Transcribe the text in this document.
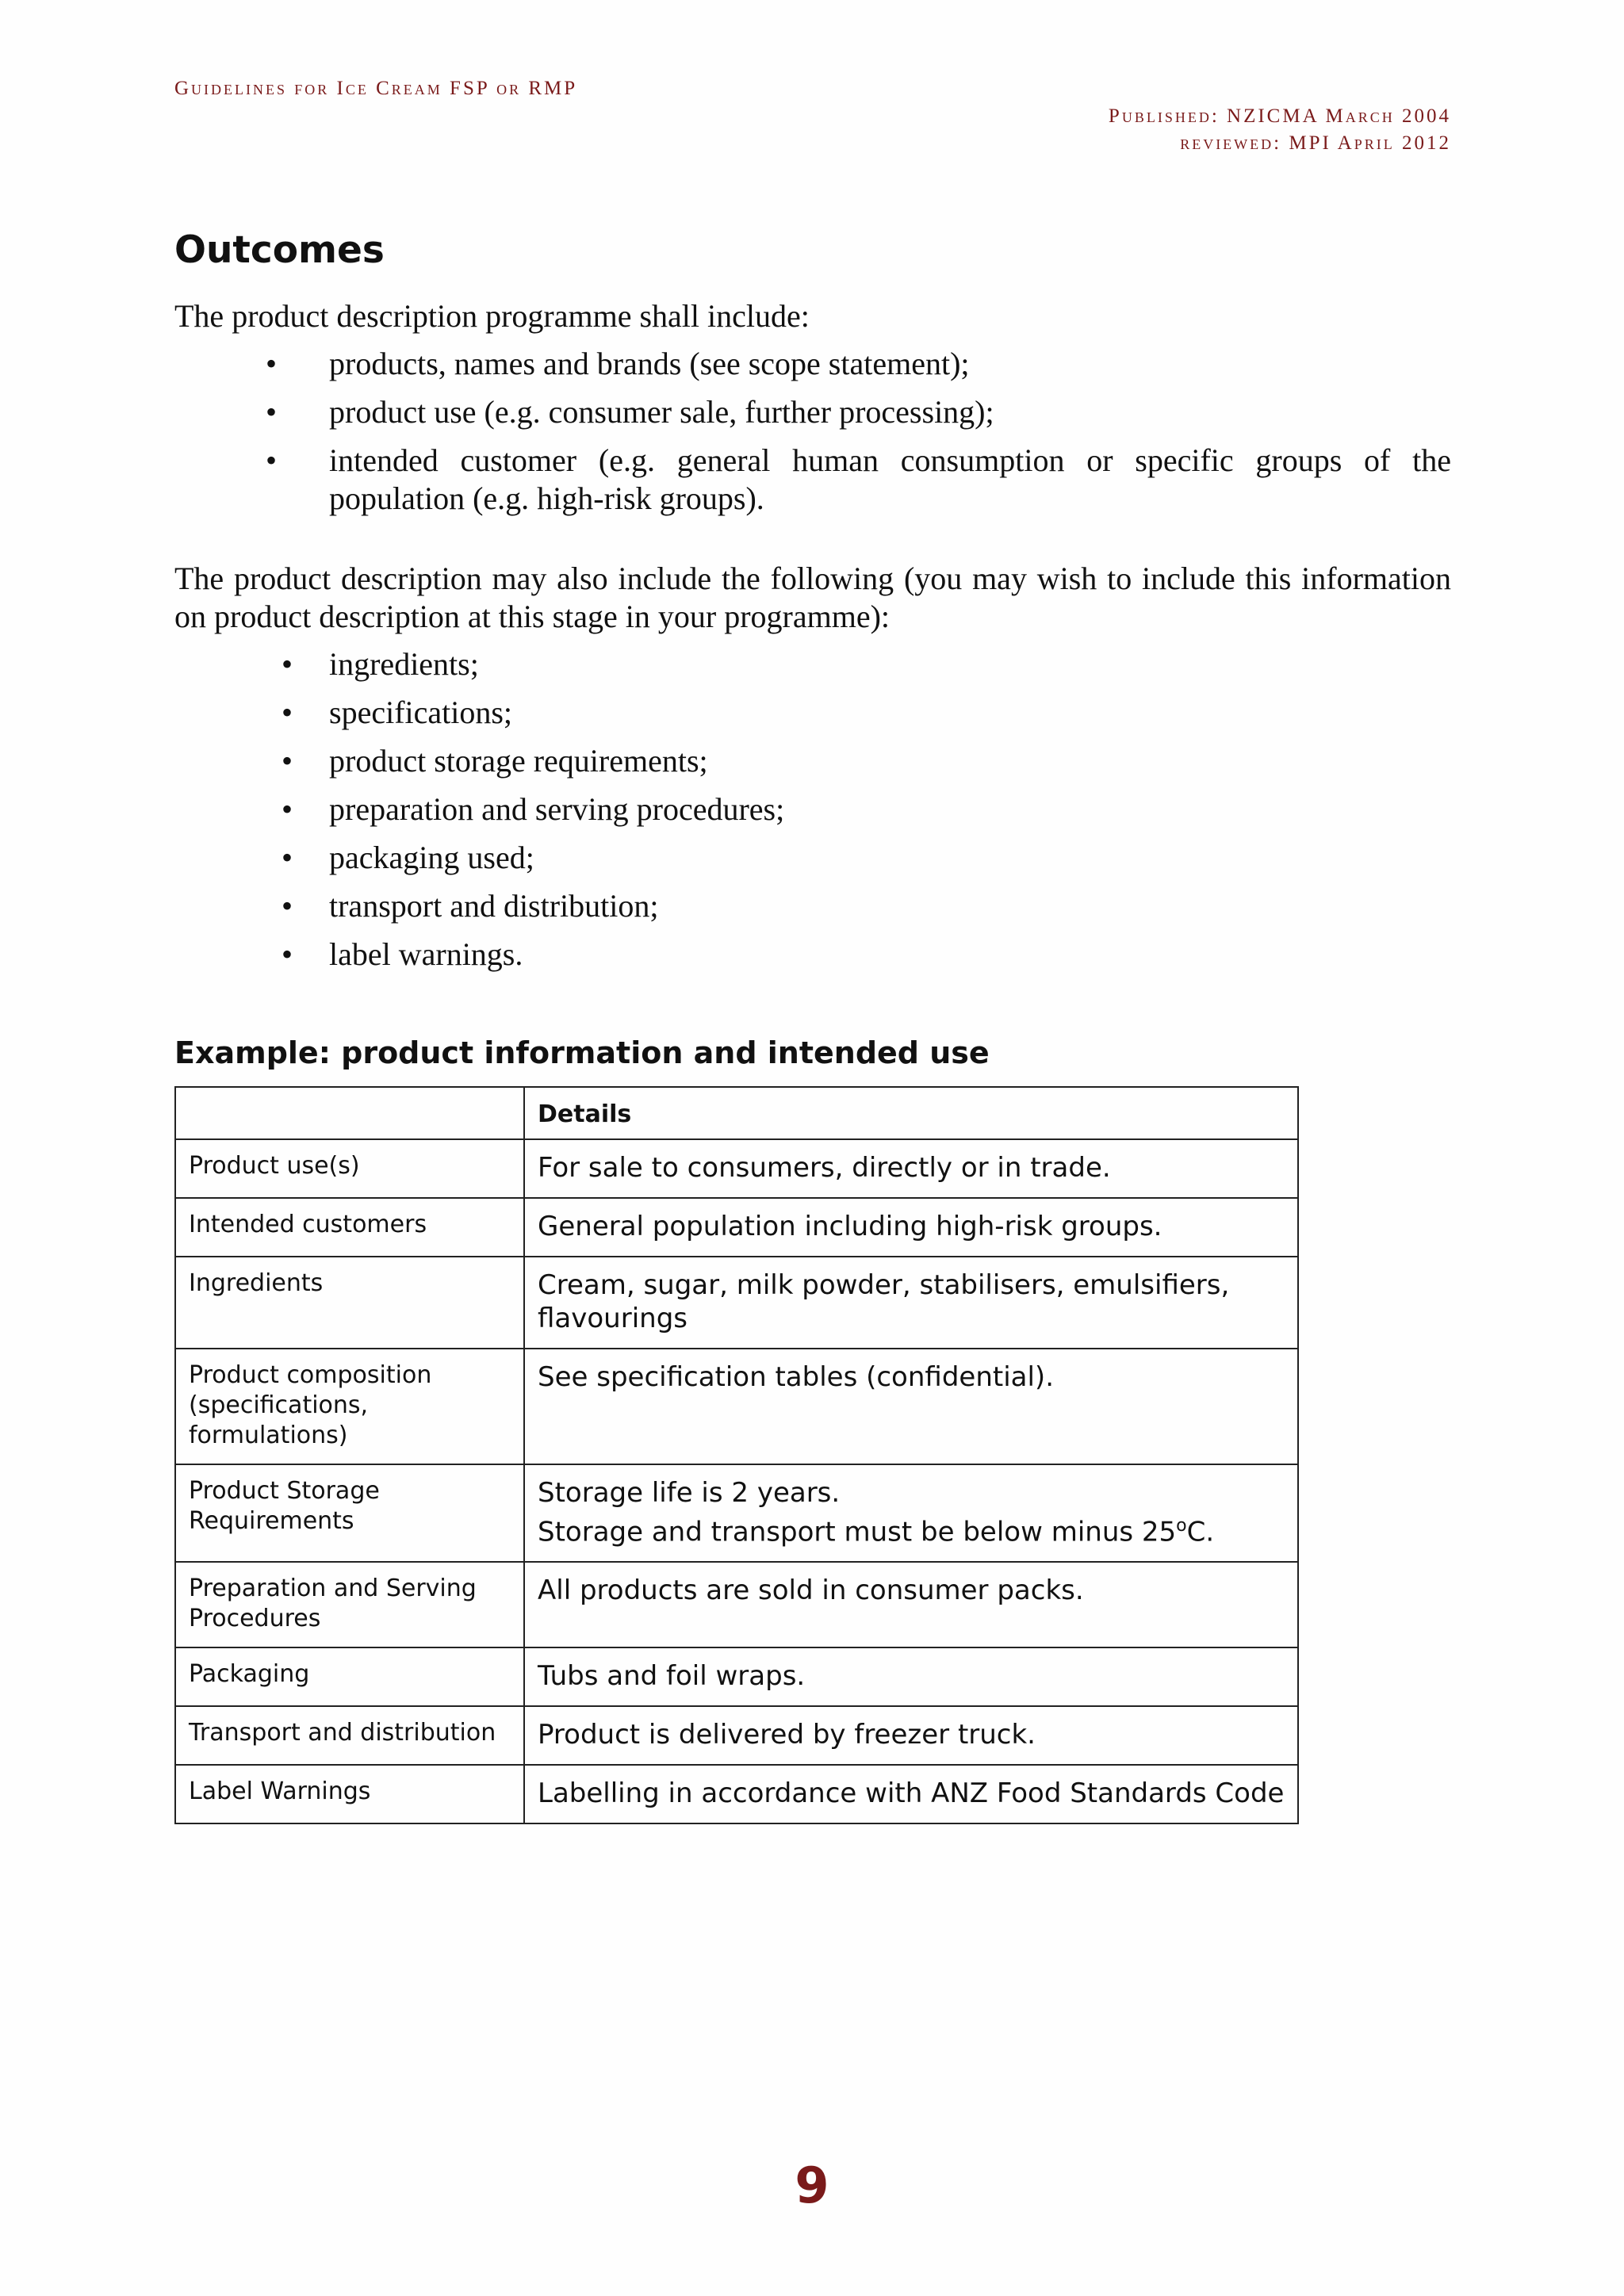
Guidelines for Ice Cream FSP or RMP
Published: NZICMA March 2004
reviewed: MPI April 2012
Outcomes

The product description programme shall include:

• products, names and brands (see scope statement);
• product use (e.g. consumer sale, further processing);
• intended customer (e.g. general human consumption or specific groups of the population (e.g. high-risk groups).

The product description may also include the following (you may wish to include this information on product description at this stage in your programme):

• ingredients;
• specifications;
• product storage requirements;
• preparation and serving procedures;
• packaging used;
• transport and distribution;
• label warnings.
Example: product information and intended use
	Details
Product use(s)	For sale to consumers, directly or in trade.
Intended customers	General population including high-risk groups.
Ingredients	Cream, sugar, milk powder, stabilisers, emulsifiers, flavourings
Product composition (specifications, formulations)	See specification tables (confidential).
Product Storage Requirements	Storage life is 2 years.
Storage and transport must be below minus 25$^o$C.

Preparation and Serving Procedures	All products are sold in consumer packs.
Packaging	Tubs and foil wraps.
Transport and distribution	Product is delivered by freezer truck.
Label Warnings	Labelling in accordance with ANZ Food Standards Code
9
